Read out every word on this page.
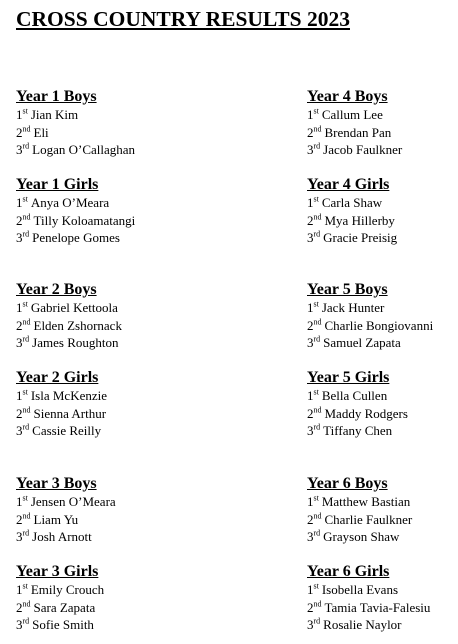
CROSS COUNTRY RESULTS 2023
Year 1 Boys
1st Jian Kim
2nd Eli
3rd Logan O’Callaghan
Year 1 Girls
1st Anya O’Meara
2nd Tilly Koloamatangi
3rd Penelope Gomes
Year 2 Boys
1st Gabriel Kettoola
2nd Elden Zshornack
3rd James Roughton
Year 2 Girls
1st Isla McKenzie
2nd Sienna Arthur
3rd Cassie Reilly
Year 3 Boys
1st Jensen O’Meara
2nd Liam Yu
3rd Josh Arnott
Year 3 Girls
1st Emily Crouch
2nd Sara Zapata
3rd Sofie Smith
Year 4 Boys
1st Callum Lee
2nd Brendan Pan
3rd Jacob Faulkner
Year 4 Girls
1st Carla Shaw
2nd Mya Hillerby
3rd Gracie Preisig
Year 5 Boys
1st Jack Hunter
2nd Charlie Bongiovanni
3rd Samuel Zapata
Year 5 Girls
1st Bella Cullen
2nd Maddy Rodgers
3rd Tiffany Chen
Year 6 Boys
1st Matthew Bastian
2nd Charlie Faulkner
3rd Grayson Shaw
Year 6 Girls
1st Isobella Evans
2nd Tamia Tavia-Falesiu
3rd Rosalie Naylor
